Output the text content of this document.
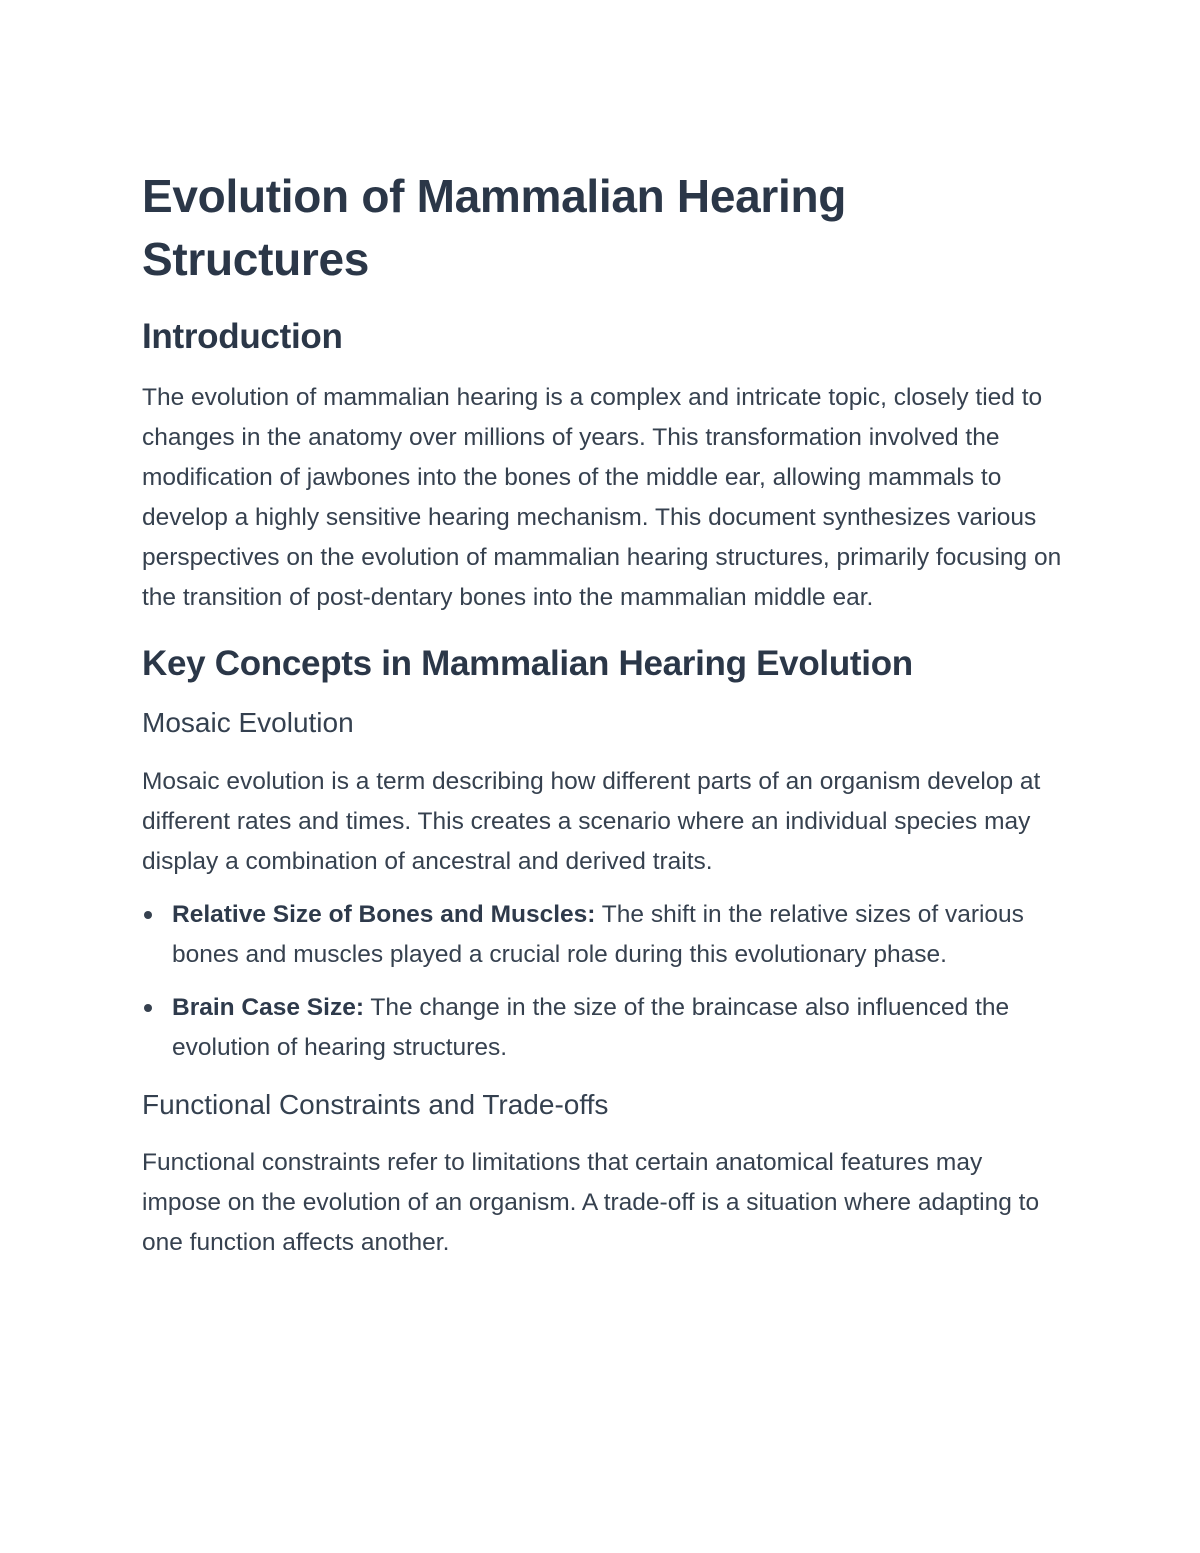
Evolution of Mammalian Hearing Structures
Introduction

The evolution of mammalian hearing is a complex and intricate topic, closely tied to changes in the anatomy over millions of years. This transformation involved the modification of jawbones into the bones of the middle ear, allowing mammals to develop a highly sensitive hearing mechanism. This document synthesizes various perspectives on the evolution of mammalian hearing structures, primarily focusing on the transition of post-dentary bones into the mammalian middle ear.

Key Concepts in Mammalian Hearing Evolution
Mosaic Evolution

Mosaic evolution is a term describing how different parts of an organism develop at different rates and times. This creates a scenario where an individual species may display a combination of ancestral and derived traits.

Relative Size of Bones and Muscles: The shift in the relative sizes of various bones and muscles played a crucial role during this evolutionary phase.
Brain Case Size: The change in the size of the braincase also influenced the evolution of hearing structures.
Functional Constraints and Trade-offs

Functional constraints refer to limitations that certain anatomical features may impose on the evolution of an organism. A trade-off is a situation where adapting to one function affects another.
